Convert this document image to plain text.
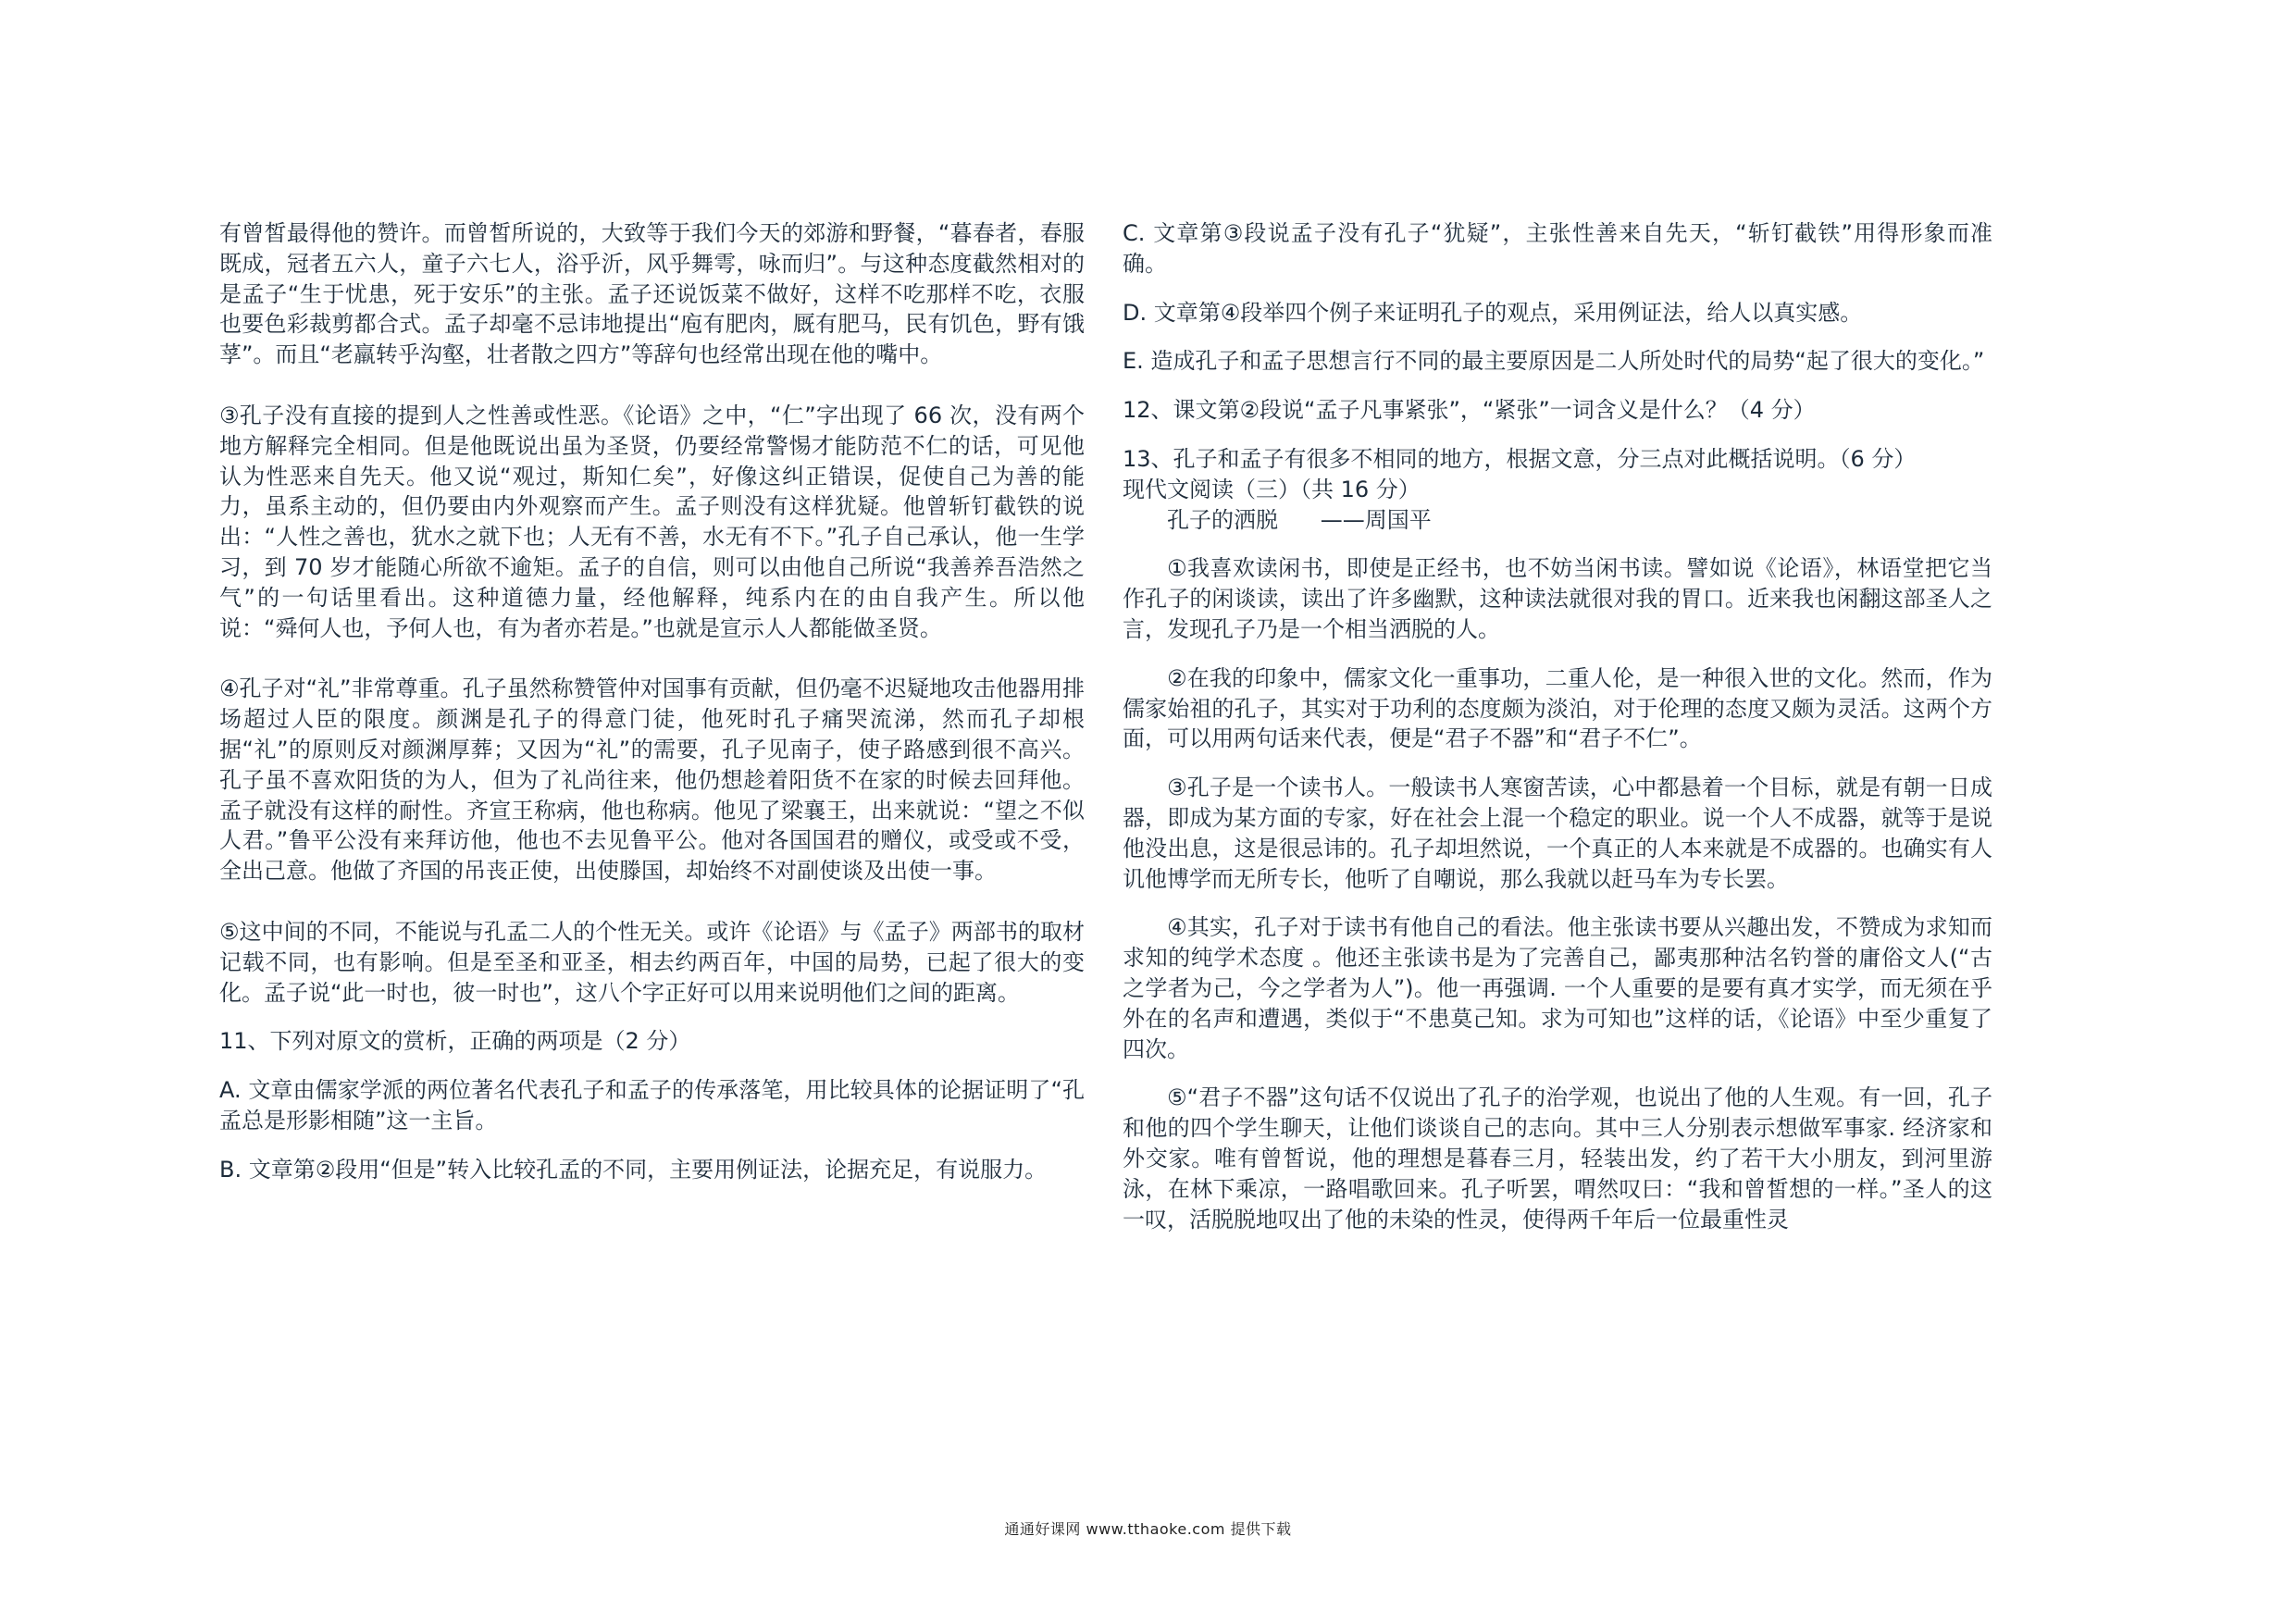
有曾皙最得他的赞许。而曾皙所说的，大致等于我们今天的郊游和野餐，“暮春者，春服既成，冠者五六人，童子六七人，浴乎沂，风乎舞雩，咏而归”。与这种态度截然相对的是孟子“生于忧患，死于安乐”的主张。孟子还说饭菜不做好，这样不吃那样不吃，衣服也要色彩裁剪都合式。孟子却毫不忌讳地提出“庖有肥肉，厩有肥马，民有饥色，野有饿莩”。而且“老羸转乎沟壑，壮者散之四方”等辞句也经常出现在他的嘴中。

③孔子没有直接的提到人之性善或性恶。《论语》之中，“仁”字出现了 66 次，没有两个地方解释完全相同。但是他既说出虽为圣贤，仍要经常警惕才能防范不仁的话，可见他认为性恶来自先天。他又说“观过，斯知仁矣”，好像这纠正错误，促使自己为善的能力，虽系主动的，但仍要由内外观察而产生。孟子则没有这样犹疑。他曾斩钉截铁的说出：“人性之善也，犹水之就下也；人无有不善，水无有不下。”孔子自己承认，他一生学习，到 70 岁才能随心所欲不逾矩。孟子的自信，则可以由他自己所说“我善养吾浩然之气”的一句话里看出。这种道德力量，经他解释，纯系内在的由自我产生。所以他说：“舜何人也，予何人也，有为者亦若是。”也就是宣示人人都能做圣贤。

④孔子对“礼”非常尊重。孔子虽然称赞管仲对国事有贡献，但仍毫不迟疑地攻击他器用排场超过人臣的限度。颜渊是孔子的得意门徒，他死时孔子痛哭流涕，然而孔子却根据“礼”的原则反对颜渊厚葬；又因为“礼”的需要，孔子见南子，使子路感到很不高兴。孔子虽不喜欢阳货的为人，但为了礼尚往来，他仍想趁着阳货不在家的时候去回拜他。孟子就没有这样的耐性。齐宣王称病，他也称病。他见了梁襄王，出来就说：“望之不似人君。”鲁平公没有来拜访他，他也不去见鲁平公。他对各国国君的赠仪，或受或不受，全出己意。他做了齐国的吊丧正使，出使滕国，却始终不对副使谈及出使一事。

⑤这中间的不同，不能说与孔孟二人的个性无关。或许《论语》与《孟子》两部书的取材记载不同，也有影响。但是至圣和亚圣，相去约两百年，中国的局势，已起了很大的变化。孟子说“此一时也，彼一时也”，这八个字正好可以用来说明他们之间的距离。

11、下列对原文的赏析，正确的两项是（2 分）

A. 文章由儒家学派的两位著名代表孔子和孟子的传承落笔，用比较具体的论据证明了“孔孟总是形影相随”这一主旨。

B. 文章第②段用“但是”转入比较孔孟的不同，主要用例证法，论据充足，有说服力。

C. 文章第③段说孟子没有孔子“犹疑”，主张性善来自先天，“斩钉截铁”用得形象而准确。

D. 文章第④段举四个例子来证明孔子的观点，采用例证法，给人以真实感。

E. 造成孔子和孟子思想言行不同的最主要原因是二人所处时代的局势“起了很大的变化。”

12、课文第②段说“孟子凡事紧张”，“紧张”一词含义是什么？（4 分）

13、孔子和孟子有很多不相同的地方，根据文意，分三点对此概括说明。（6 分）

现代文阅读（三）（共 16 分）

孔子的洒脱      ——周国平

①我喜欢读闲书，即使是正经书，也不妨当闲书读。譬如说《论语》，林语堂把它当作孔子的闲谈读，读出了许多幽默，这种读法就很对我的胃口。近来我也闲翻这部圣人之言，发现孔子乃是一个相当洒脱的人。

②在我的印象中，儒家文化一重事功，二重人伦，是一种很入世的文化。然而，作为儒家始祖的孔子，其实对于功利的态度颇为淡泊，对于伦理的态度又颇为灵活。这两个方面，可以用两句话来代表，便是“君子不器”和“君子不仁”。

③孔子是一个读书人。一般读书人寒窗苦读，心中都悬着一个目标，就是有朝一日成器，即成为某方面的专家，好在社会上混一个稳定的职业。说一个人不成器，就等于是说他没出息，这是很忌讳的。孔子却坦然说，一个真正的人本来就是不成器的。也确实有人讥他博学而无所专长，他听了自嘲说，那么我就以赶马车为专长罢。

④其实，孔子对于读书有他自己的看法。他主张读书要从兴趣出发，不赞成为求知而求知的纯学术态度 。他还主张读书是为了完善自己，鄙夷那种沽名钓誉的庸俗文人(“古之学者为己，今之学者为人”)。他一再强调. 一个人重要的是要有真才实学，而无须在乎外在的名声和遭遇，类似于“不患莫己知。求为可知也”这样的话，《论语》中至少重复了四次。

⑤“君子不器”这句话不仅说出了孔子的治学观，也说出了他的人生观。有一回，孔子和他的四个学生聊天，让他们谈谈自己的志向。其中三人分别表示想做军事家. 经济家和外交家。唯有曾皙说，他的理想是暮春三月，轻装出发，约了若干大小朋友，到河里游泳，在林下乘凉，一路唱歌回来。孔子听罢，喟然叹曰：“我和曾皙想的一样。”圣人的这一叹，活脱脱地叹出了他的未染的性灵，使得两千年后一位最重性灵

通通好课网 www.tthaoke.com 提供下载
